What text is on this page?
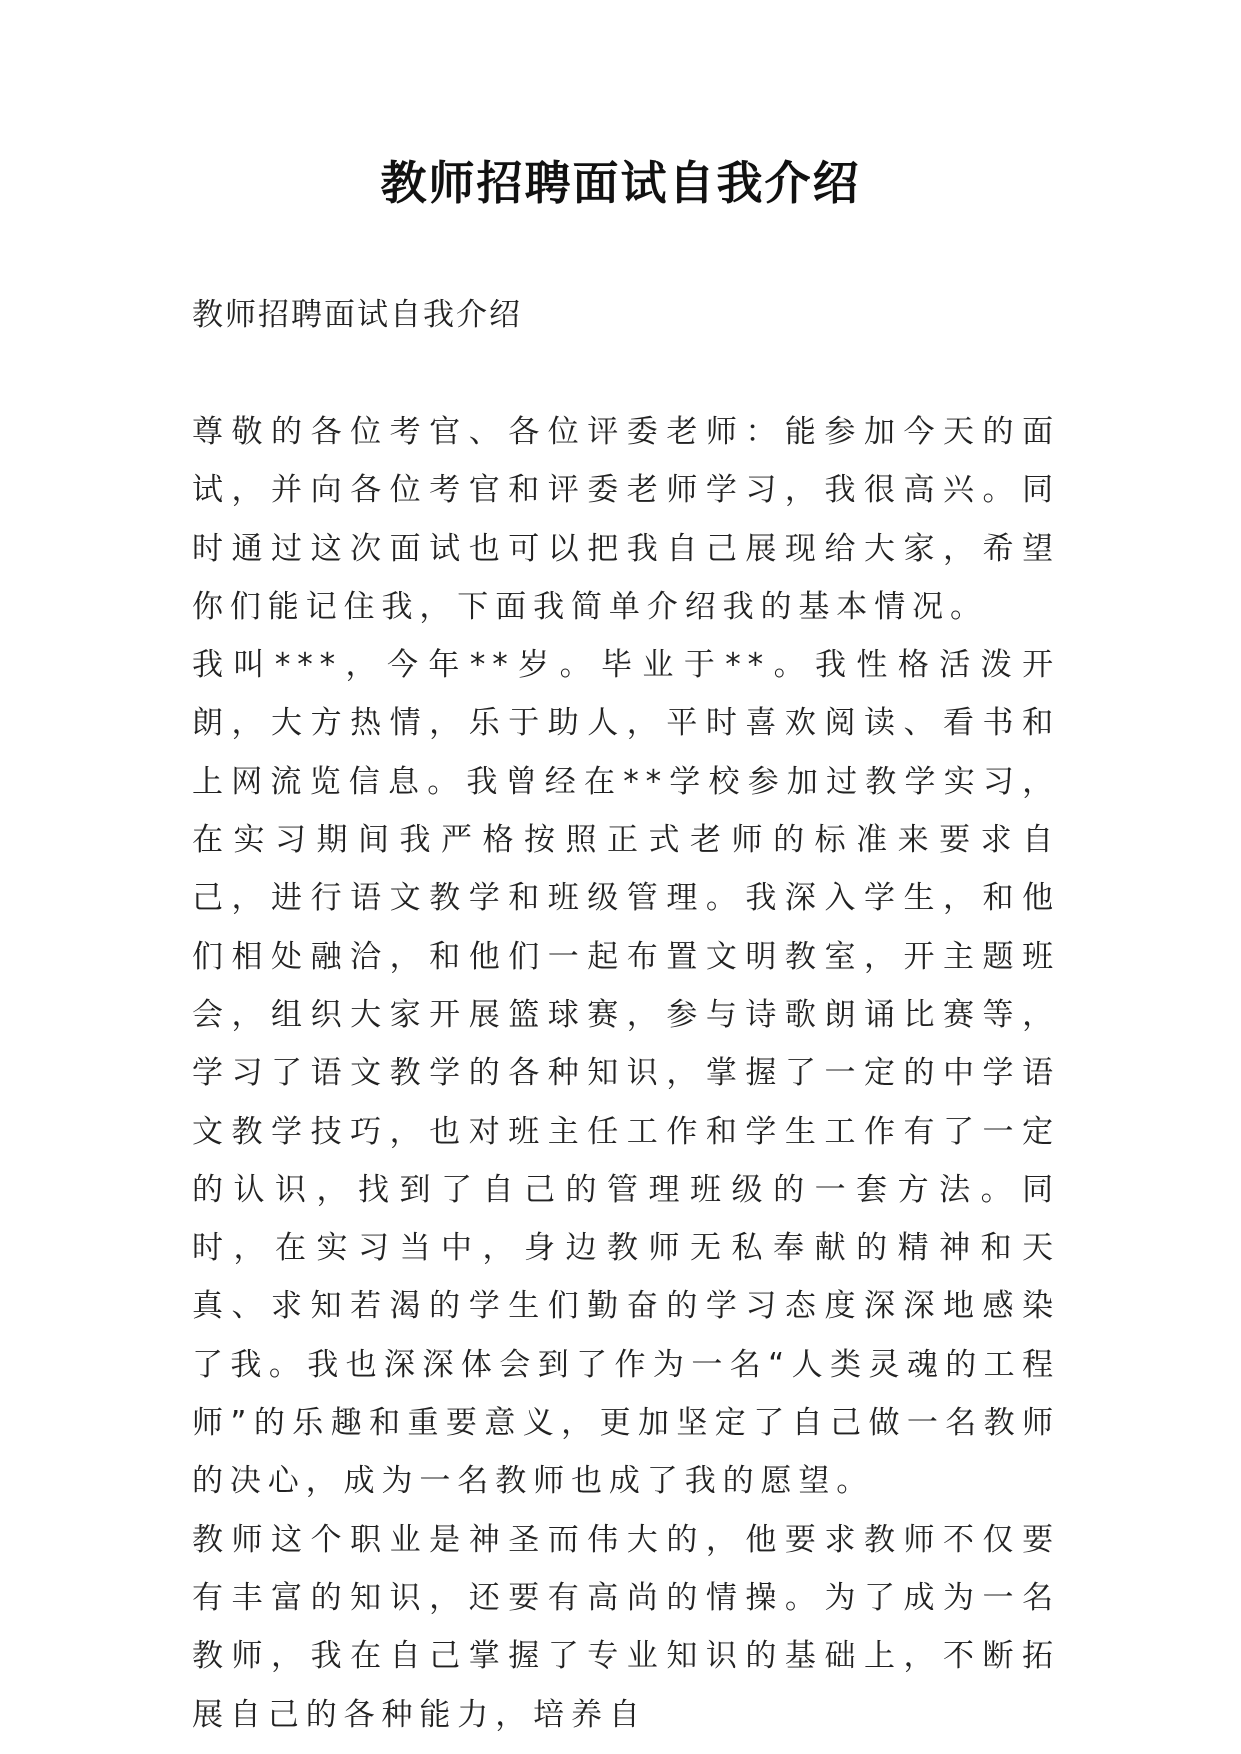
教师招聘面试自我介绍

教师招聘面试自我介绍

尊敬的各位考官、各位评委老师：能参加今天的面试，并向各位考官和评委老师学习，我很高兴。同时通过这次面试也可以把我自己展现给大家，希望你们能记住我，下面我简单介绍我的基本情况。

我叫***，今年**岁。毕业于**。我性格活泼开朗，大方热情，乐于助人，平时喜欢阅读、看书和上网流览信息。我曾经在**学校参加过教学实习，在实习期间我严格按照正式老师的标准来要求自己，进行语文教学和班级管理。我深入学生，和他们相处融洽，和他们一起布置文明教室，开主题班会，组织大家开展篮球赛，参与诗歌朗诵比赛等，学习了语文教学的各种知识，掌握了一定的中学语文教学技巧，也对班主任工作和学生工作有了一定的认识，找到了自己的管理班级的一套方法。同时，在实习当中，身边教师无私奉献的精神和天真、求知若渴的学生们勤奋的学习态度深深地感染了我。我也深深体会到了作为一名“人类灵魂的工程师”的乐趣和重要意义，更加坚定了自己做一名教师的决心，成为一名教师也成了我的愿望。

教师这个职业是神圣而伟大的，他要求教师不仅要有丰富的知识，还要有高尚的情操。为了成为一名教师，我在自己掌握了专业知识的基础上，不断拓展自己的各种能力，培养自
